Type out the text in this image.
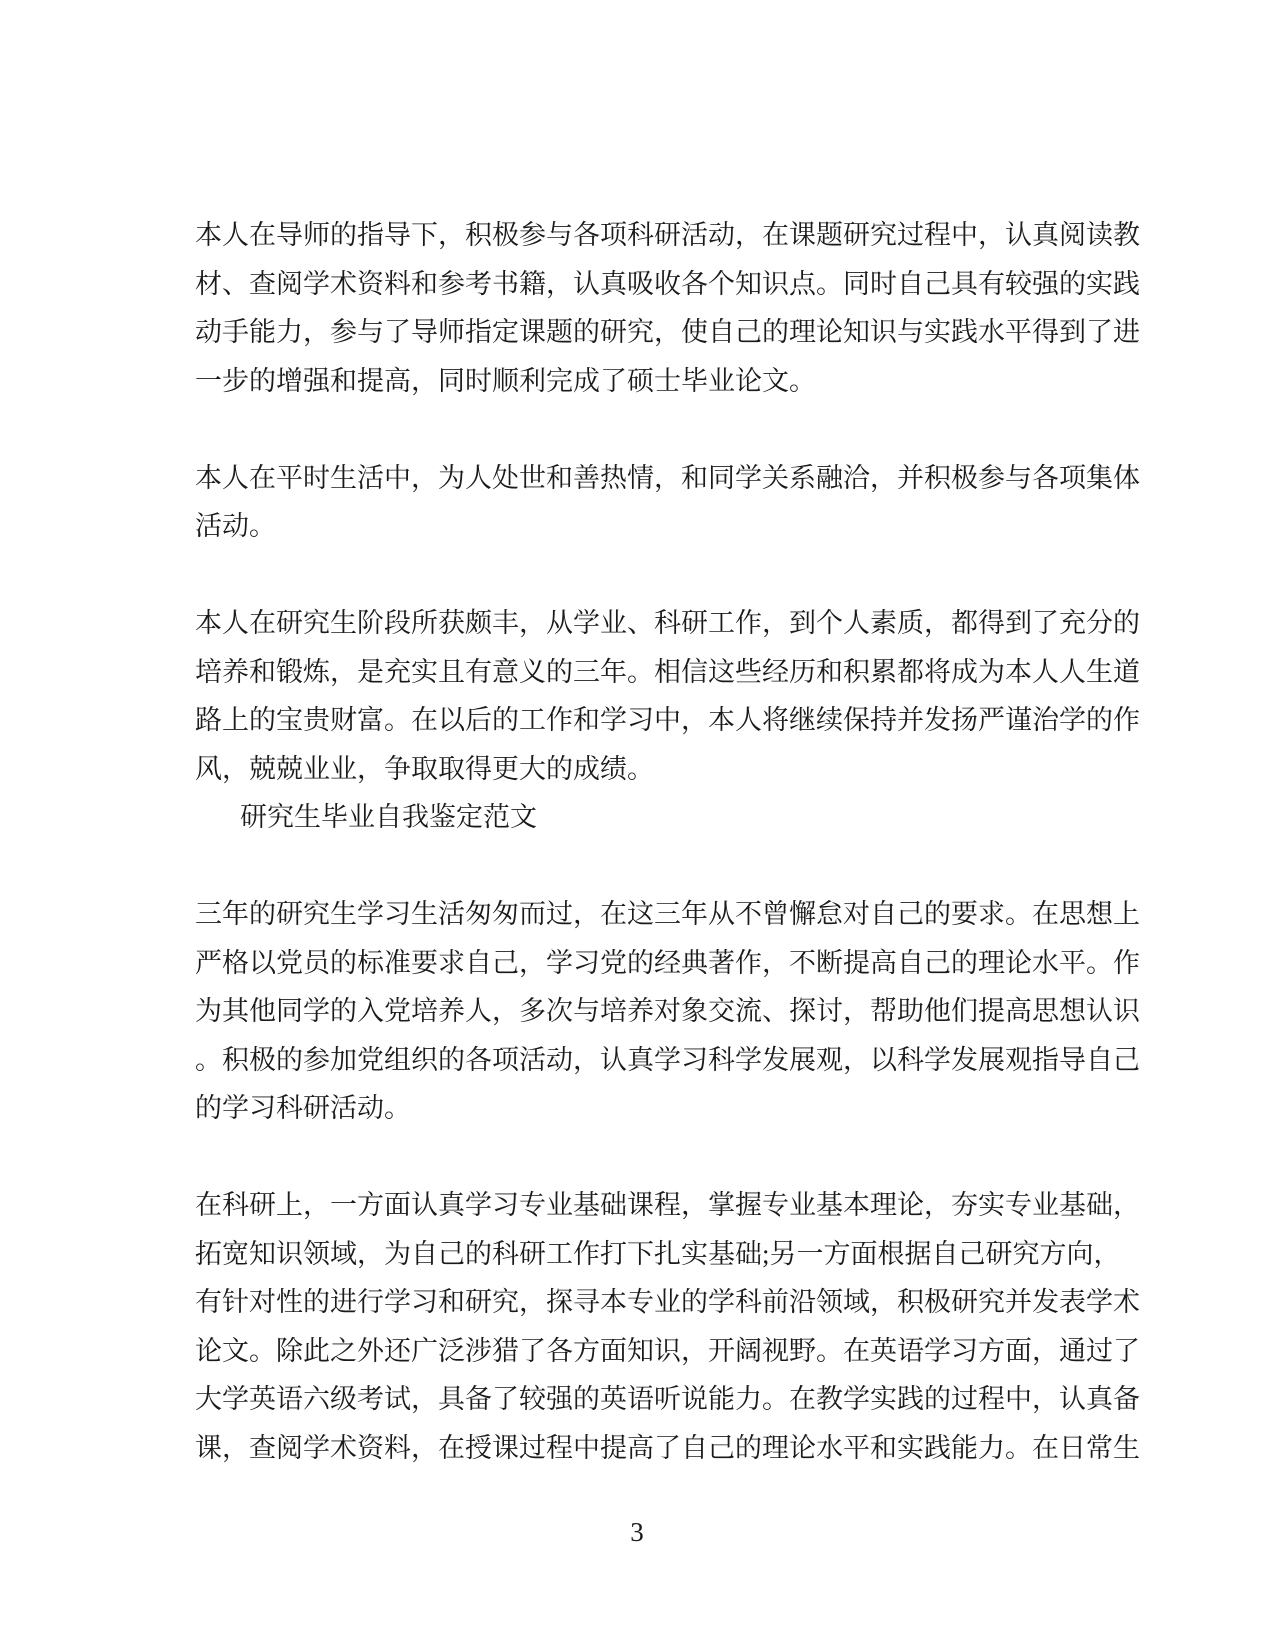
本人在导师的指导下，积极参与各项科研活动，在课题研究过程中，认真阅读教
材、查阅学术资料和参考书籍，认真吸收各个知识点。同时自己具有较强的实践
动手能力，参与了导师指定课题的研究，使自己的理论知识与实践水平得到了进
一步的增强和提高，同时顺利完成了硕士毕业论文。
本人在平时生活中，为人处世和善热情，和同学关系融洽，并积极参与各项集体
活动。
本人在研究生阶段所获颇丰，从学业、科研工作，到个人素质，都得到了充分的
培养和锻炼，是充实且有意义的三年。相信这些经历和积累都将成为本人人生道
路上的宝贵财富。在以后的工作和学习中，本人将继续保持并发扬严谨治学的作
风，兢兢业业，争取取得更大的成绩。
研究生毕业自我鉴定范文
三年的研究生学习生活匆匆而过，在这三年从不曾懈怠对自己的要求。在思想上
严格以党员的标准要求自己，学习党的经典著作，不断提高自己的理论水平。作
为其他同学的入党培养人，多次与培养对象交流、探讨，帮助他们提高思想认识
。积极的参加党组织的各项活动，认真学习科学发展观，以科学发展观指导自己
的学习科研活动。
在科研上，一方面认真学习专业基础课程，掌握专业基本理论，夯实专业基础，
拓宽知识领域，为自己的科研工作打下扎实基础;另一方面根据自己研究方向，
有针对性的进行学习和研究，探寻本专业的学科前沿领域，积极研究并发表学术
论文。除此之外还广泛涉猎了各方面知识，开阔视野。在英语学习方面，通过了
大学英语六级考试，具备了较强的英语听说能力。在教学实践的过程中，认真备
课，查阅学术资料，在授课过程中提高了自己的理论水平和实践能力。在日常生
3
